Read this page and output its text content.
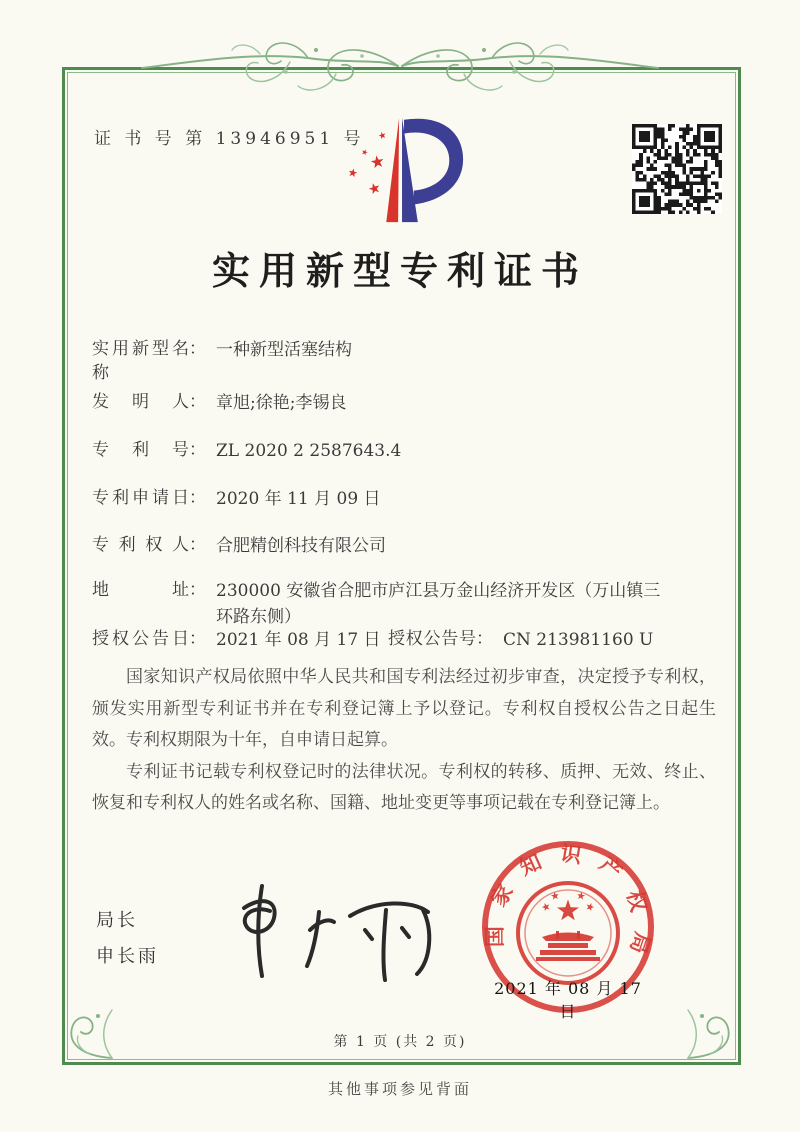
证 书 号 第 13946951 号
实用新型专利证书
实用新型名称： 一种新型活塞结构
发明人： 章旭;徐艳;李锡良
专利号： ZL 2020 2 2587643.4
专利申请日： 2020 年 11 月 09 日
专利权人： 合肥精创科技有限公司
地址： 230000 安徽省合肥市庐江县万金山经济开发区（万山镇三环路东侧）
授权公告日： 2021 年 08 月 17 日 授权公告号： CN 213981160 U

国家知识产权局依照中华人民共和国专利法经过初步审查，决定授予专利权，颁发实用新型专利证书并在专利登记簿上予以登记。专利权自授权公告之日起生效。专利权期限为十年，自申请日起算。

专利证书记载专利权登记时的法律状况。专利权的转移、质押、无效、终止、恢复和专利权人的姓名或名称、国籍、地址变更等事项记载在专利登记簿上。

局长
申长雨
国家知识产权局
2021 年 08 月 17 日
第 1 页 (共 2 页)
其他事项参见背面
